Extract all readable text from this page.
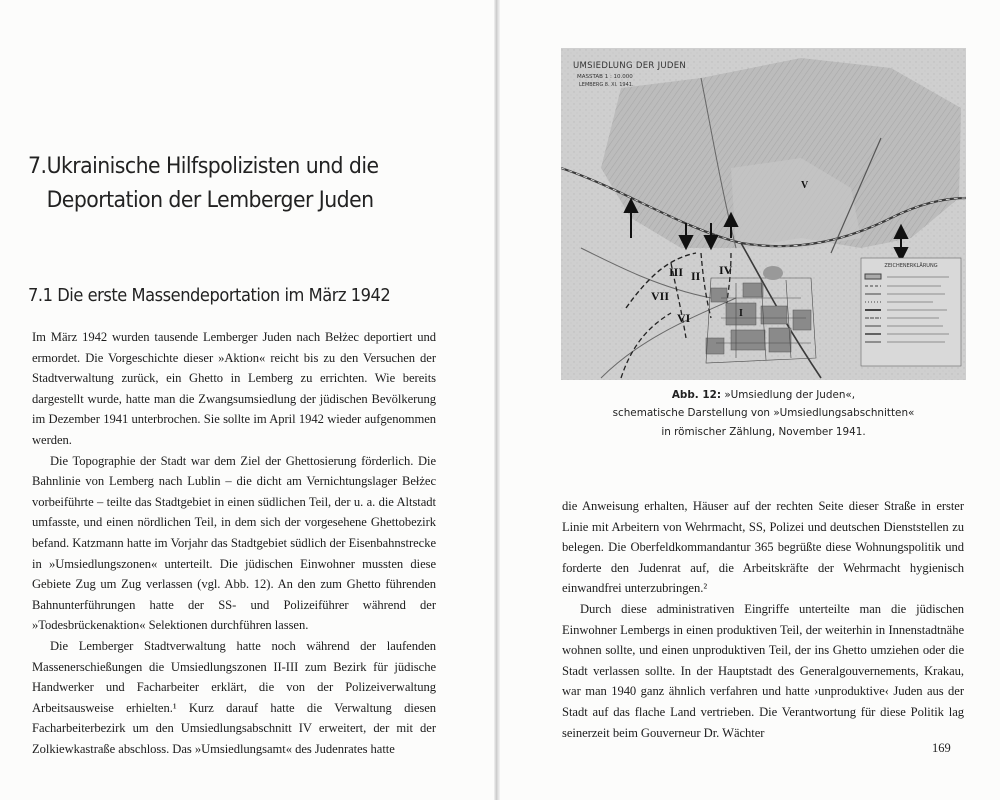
7.Ukrainische Hilfspolizisten und die
Deportation der Lemberger Juden
7.1 Die erste Massendeportation im März 1942

Im März 1942 wurden tausende Lemberger Juden nach Bełżec deportiert und ermordet. Die Vorgeschichte dieser »Aktion« reicht bis zu den Versuchen der Stadtverwaltung zurück, ein Ghetto in Lemberg zu errichten. Wie bereits dargestellt wurde, hatte man die Zwangsumsiedlung der jüdischen Bevölkerung im Dezember 1941 unterbrochen. Sie sollte im April 1942 wieder aufgenommen werden.

Die Topographie der Stadt war dem Ziel der Ghettosierung förderlich. Die Bahnlinie von Lemberg nach Lublin – die dicht am Vernichtungslager Bełżec vorbeiführte – teilte das Stadtgebiet in einen südlichen Teil, der u. a. die Altstadt umfasste, und einen nördlichen Teil, in dem sich der vorgesehene Ghettobezirk befand. Katzmann hatte im Vorjahr das Stadtgebiet südlich der Eisenbahnstrecke in »Umsiedlungszonen« unterteilt. Die jüdischen Einwohner mussten diese Gebiete Zug um Zug verlassen (vgl. Abb. 12). An den zum Ghetto führenden Bahnunterführungen hatte der SS- und Polizeiführer während der »Todesbrückenaktion« Selektionen durchführen lassen.

Die Lemberger Stadtverwaltung hatte noch während der laufenden Massenerschießungen die Umsiedlungszonen II-III zum Bezirk für jüdische Handwerker und Facharbeiter erklärt, die von der Polizeiverwaltung Arbeitsausweise erhielten.¹ Kurz darauf hatte die Verwaltung diesen Facharbeiterbezirk um den Umsiedlungsabschnitt IV erweitert, der mit der Zolkiewkastraße abschloss. Das »Umsiedlungsamt« des Judenrates hatte

UMSIEDLUNG DER JUDEN
MASSTAB 1 : 10.000
LEMBERG 8. XI. 1941.
III II IV
VII
VI	I
V
ZEICHENERKLÄRUNG
Abb. 12: »Umsiedlung der Juden«,
schematische Darstellung von »Umsiedlungsabschnitten«
in römischer Zählung, November 1941.

die Anweisung erhalten, Häuser auf der rechten Seite dieser Straße in erster Linie mit Arbeitern von Wehrmacht, SS, Polizei und deutschen Dienststellen zu belegen. Die Oberfeldkommandantur 365 begrüßte diese Wohnungspolitik und forderte den Judenrat auf, die Arbeitskräfte der Wehrmacht hygienisch einwandfrei unterzubringen.²

Durch diese administrativen Eingriffe unterteilte man die jüdischen Einwohner Lembergs in einen produktiven Teil, der weiterhin in Innenstadtnähe wohnen sollte, und einen unproduktiven Teil, der ins Ghetto umziehen oder die Stadt verlassen sollte. In der Hauptstadt des Generalgouvernements, Krakau, war man 1940 ganz ähnlich verfahren und hatte ›unproduktive‹ Juden aus der Stadt auf das flache Land vertrieben. Die Verantwortung für diese Politik lag seinerzeit beim Gouverneur Dr. Wächter

169
